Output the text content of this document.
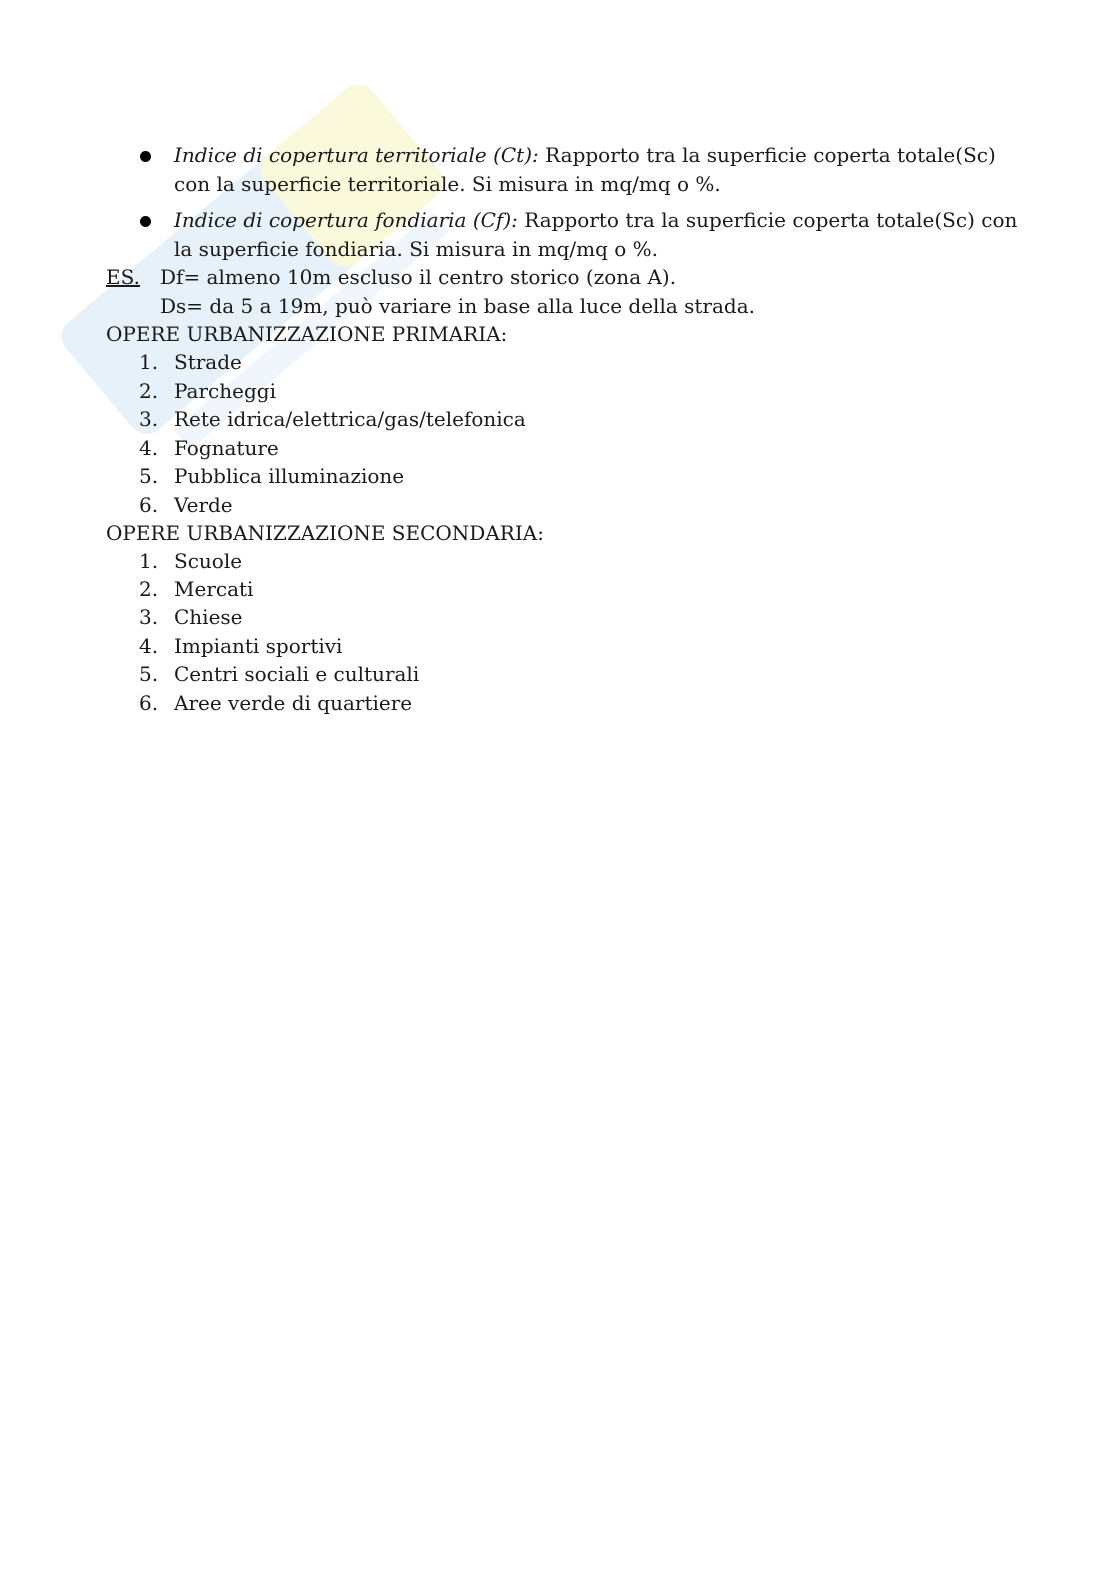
Indice di copertura territoriale (Ct): Rapporto tra la superficie coperta totale(Sc) con la superficie territoriale. Si misura in mq/mq o %.
Indice di copertura fondiaria (Cf): Rapporto tra la superficie coperta totale(Sc) con la superficie fondiaria. Si misura in mq/mq o %.
ES. Df= almeno 10m escluso il centro storico (zona A).
Ds= da 5 a 19m, può variare in base alla luce della strada.
OPERE URBANIZZAZIONE PRIMARIA:
1. Strade
2. Parcheggi
3. Rete idrica/elettrica/gas/telefonica
4. Fognature
5. Pubblica illuminazione
6. Verde
OPERE URBANIZZAZIONE SECONDARIA:
1. Scuole
2. Mercati
3. Chiese
4. Impianti sportivi
5. Centri sociali e culturali
6. Aree verde di quartiere
